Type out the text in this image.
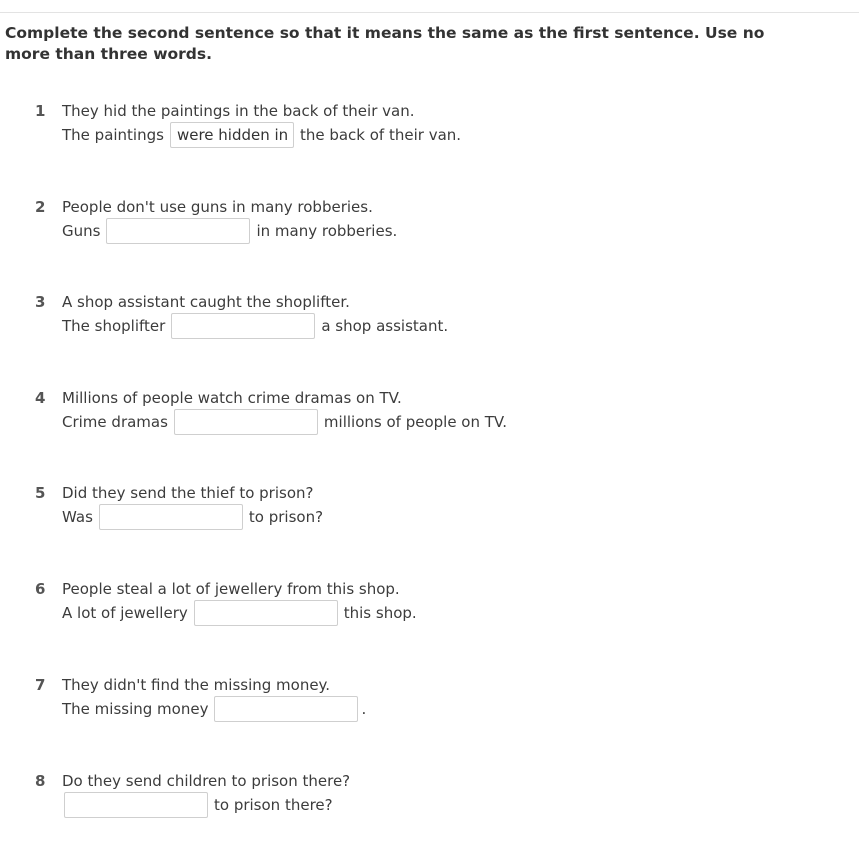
Complete the second sentence so that it means the same as the first sentence. Use no more than three words.
1 They hid the paintings in the back of their van.
The paintings
were hidden in	the back of their van.
2 People don't use guns in many robberies.
Guns	in many robberies.
3 A shop assistant caught the shoplifter.
The shoplifter	a shop assistant.
4 Millions of people watch crime dramas on TV.
Crime dramas	millions of people on TV.
5 Did they send the thief to prison?
Was	to prison?
6 People steal a lot of jewellery from this shop.
A lot of jewellery	this shop.
7 They didn't find the missing money.
The missing money	.
8 Do they send children to prison there?
to prison there?
